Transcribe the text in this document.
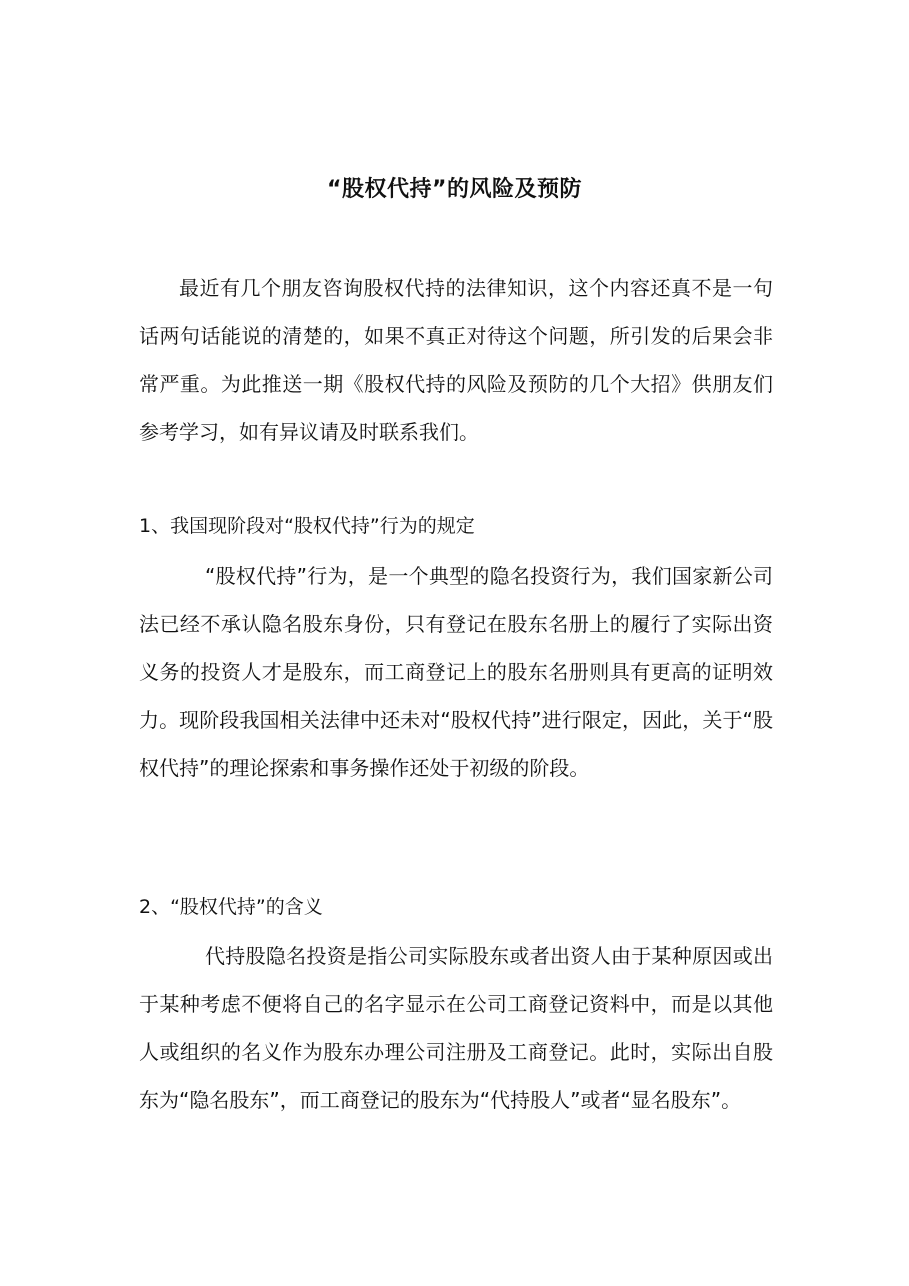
“股权代持”的风险及预防
最近有几个朋友咨询股权代持的法律知识，这个内容还真不是一句话两句话能说的清楚的，如果不真正对待这个问题，所引发的后果会非常严重。为此推送一期《股权代持的风险及预防的几个大招》供朋友们参考学习，如有异议请及时联系我们。
1、我国现阶段对“股权代持”行为的规定
“股权代持”行为，是一个典型的隐名投资行为，我们国家新公司法已经不承认隐名股东身份，只有登记在股东名册上的履行了实际出资义务的投资人才是股东，而工商登记上的股东名册则具有更高的证明效力。现阶段我国相关法律中还未对“股权代持”进行限定，因此，关于“股权代持”的理论探索和事务操作还处于初级的阶段。
2、“股权代持”的含义
代持股隐名投资是指公司实际股东或者出资人由于某种原因或出于某种考虑不便将自己的名字显示在公司工商登记资料中，而是以其他人或组织的名义作为股东办理公司注册及工商登记。此时，实际出自股东为“隐名股东”，而工商登记的股东为“代持股人”或者“显名股东”。
